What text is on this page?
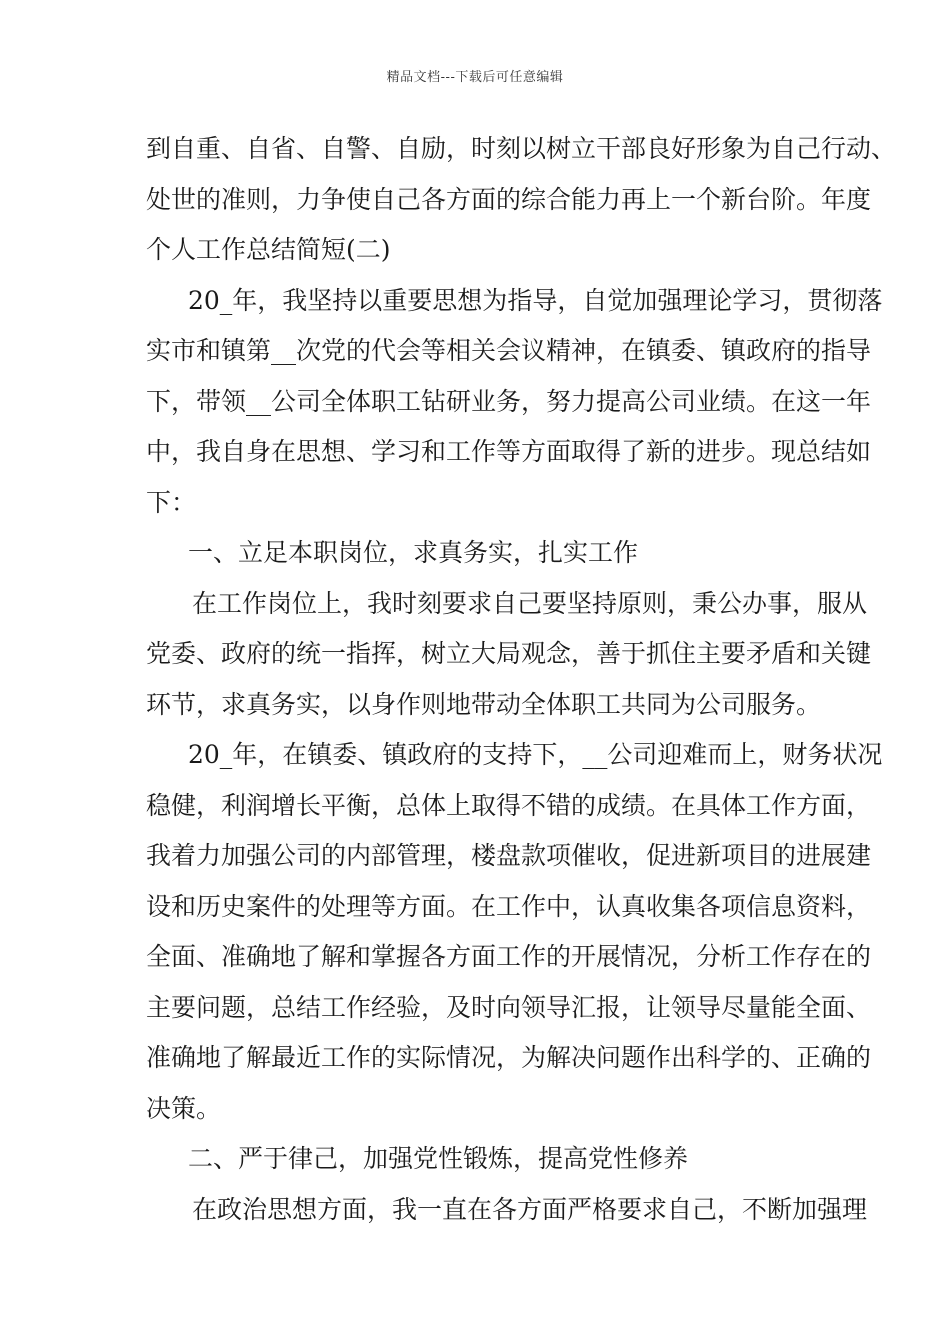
精品文档---下载后可任意编辑
到自重、自省、自警、自励，时刻以树立干部良好形象为自己行动、
处世的准则，力争使自己各方面的综合能力再上一个新台阶。年度
个人工作总结简短(二)
20_年，我坚持以重要思想为指导，自觉加强理论学习，贯彻落
实市和镇第__次党的代会等相关会议精神，在镇委、镇政府的指导
下，带领__公司全体职工钻研业务，努力提高公司业绩。在这一年
中，我自身在思想、学习和工作等方面取得了新的进步。现总结如
下：
一、立足本职岗位，求真务实，扎实工作
在工作岗位上，我时刻要求自己要坚持原则，秉公办事，服从
党委、政府的统一指挥，树立大局观念，善于抓住主要矛盾和关键
环节，求真务实，以身作则地带动全体职工共同为公司服务。
20_年，在镇委、镇政府的支持下，__公司迎难而上，财务状况
稳健，利润增长平衡，总体上取得不错的成绩。在具体工作方面，
我着力加强公司的内部管理，楼盘款项催收，促进新项目的进展建
设和历史案件的处理等方面。在工作中，认真收集各项信息资料，
全面、准确地了解和掌握各方面工作的开展情况，分析工作存在的
主要问题，总结工作经验，及时向领导汇报，让领导尽量能全面、
准确地了解最近工作的实际情况，为解决问题作出科学的、正确的
决策。
二、严于律己，加强党性锻炼，提高党性修养
在政治思想方面，我一直在各方面严格要求自己，不断加强理
